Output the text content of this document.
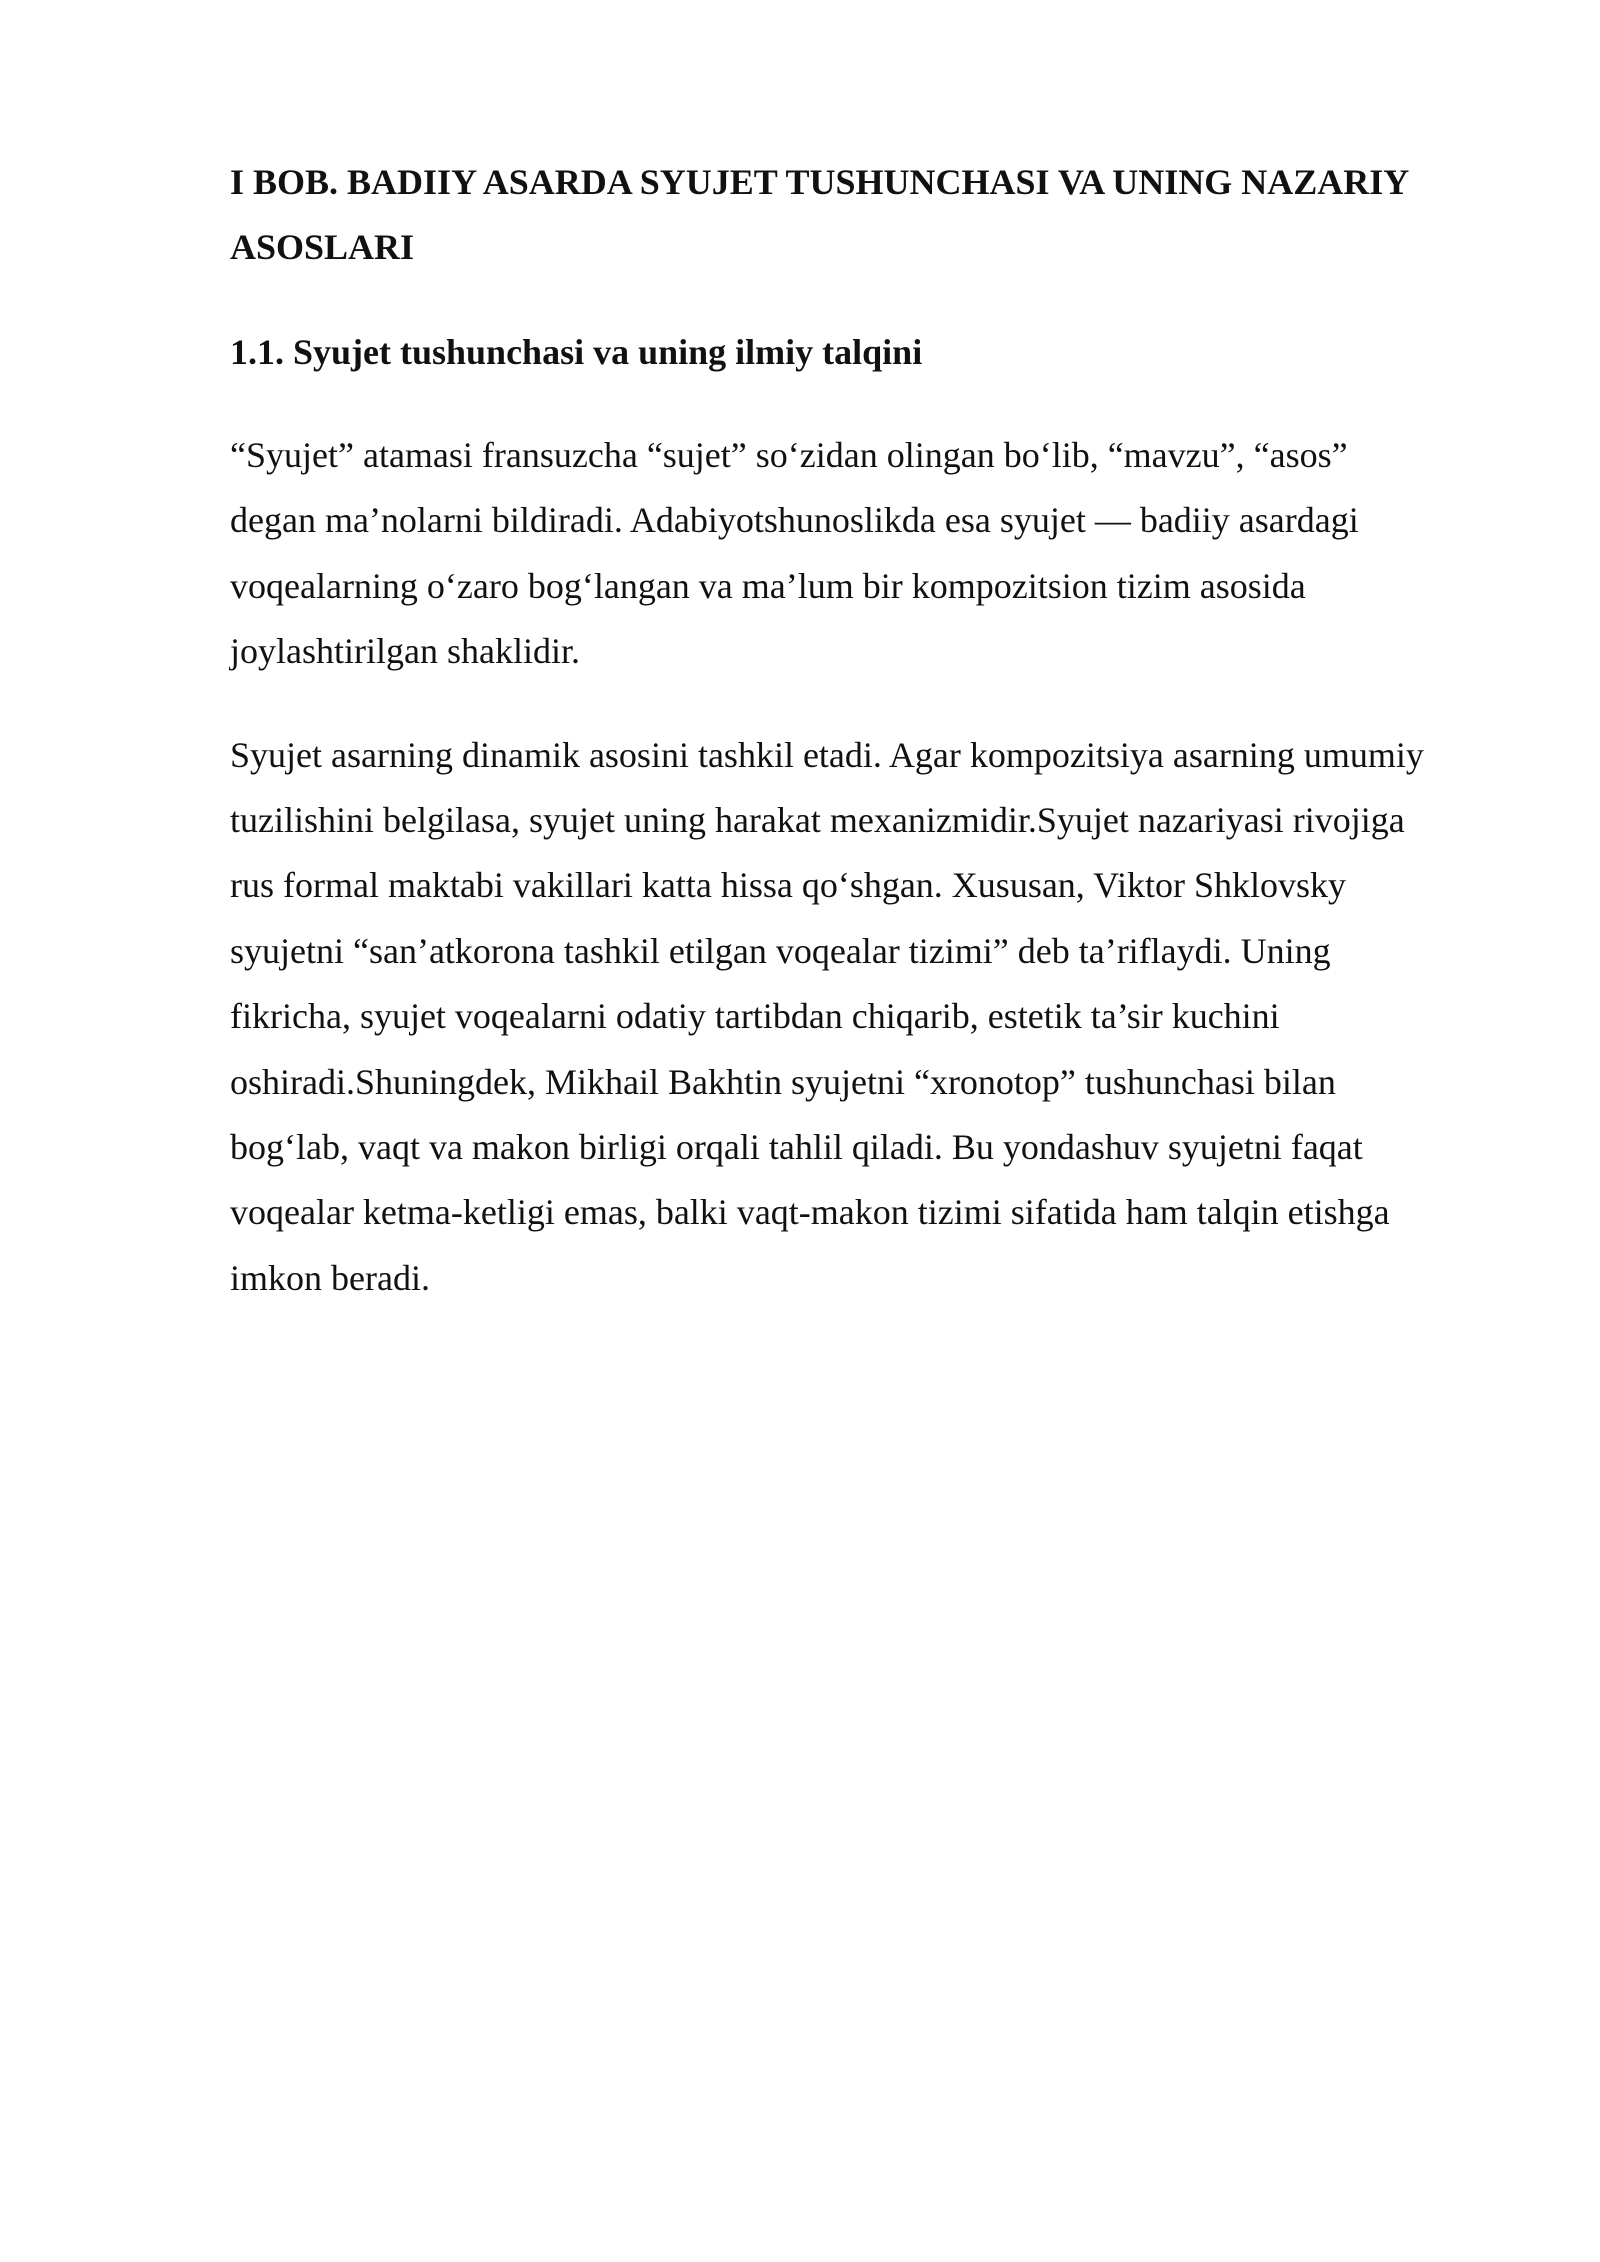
I BOB. BADIIY ASARDA SYUJET TUSHUNCHASI VA UNING NAZARIY
ASOSLARI
1.1. Syujet tushunchasi va uning ilmiy talqini

“Syujet” atamasi fransuzcha “sujet” so‘zidan olingan bo‘lib, “mavzu”, “asos”
degan ma’nolarni bildiradi. Adabiyotshunoslikda esa syujet — badiiy asardagi
voqealarning o‘zaro bog‘langan va ma’lum bir kompozitsion tizim asosida
joylashtirilgan shaklidir.

Syujet asarning dinamik asosini tashkil etadi. Agar kompozitsiya asarning umumiy
tuzilishini belgilasa, syujet uning harakat mexanizmidir.Syujet nazariyasi rivojiga
rus formal maktabi vakillari katta hissa qo‘shgan. Xususan, Viktor Shklovsky
syujetni “san’atkorona tashkil etilgan voqealar tizimi” deb ta’riflaydi. Uning
fikricha, syujet voqealarni odatiy tartibdan chiqarib, estetik ta’sir kuchini
oshiradi.Shuningdek, Mikhail Bakhtin syujetni “xronotop” tushunchasi bilan
bog‘lab, vaqt va makon birligi orqali tahlil qiladi. Bu yondashuv syujetni faqat
voqealar ketma-ketligi emas, balki vaqt-makon tizimi sifatida ham talqin etishga
imkon beradi.
